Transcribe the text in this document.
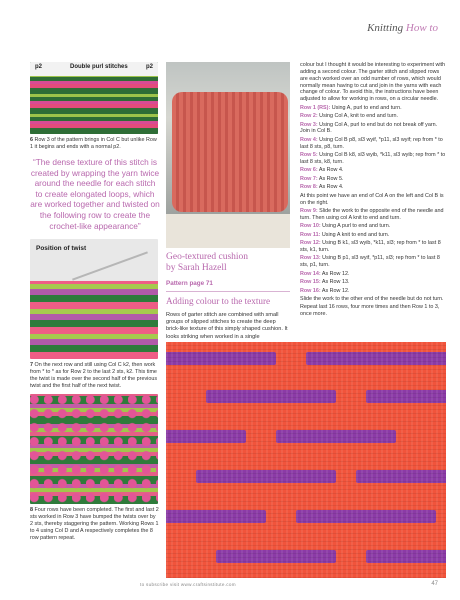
Knitting How to
p2	Double purl stitches	p2
6 Row 3 of the pattern brings in Col C but unlike Row 1 it begins and ends with a normal p2.
“The dense texture of this stitch is created by wrapping the yarn twice around the needle for each stitch to create elongated loops, which are worked together and twisted on the following row to create the crochet-like appearance”
Position of twist
7 On the next row and still using Col C k2, then work from * to * as for Row 2 to the last 2 sts, k2. This time the twist is made over the second half of the previous twist and the first half of the next twist.
8 Four rows have been completed. The first and last 2 sts worked in Row 3 have bumped the twists over by 2 sts, thereby staggering the pattern. Working Rows 1 to 4 using Col D and A respectively completes the 8 row pattern repeat.
Geo-textured cushion
by Sarah Hazell
Pattern page 71
Adding colour to the texture
Rows of garter stitch are combined with small groups of slipped stitches to create the deep brick-like texture of this simply shaped cushion. It looks striking when worked in a single

colour but I thought it would be interesting to experiment with adding a second colour. The garter stitch and slipped rows are each worked over an odd number of rows, which would normally mean having to cut and join in the yarns with each change of colour. To avoid this, the instructions have been adjusted to allow for working in rows, on a circular needle.

Row 1 (RS): Using A, purl to end and turn.

Row 2: Using Col A, knit to end and turn.

Row 3: Using Col A, purl to end but do not break off yarn. Join in Col B.

Row 4: Using Col B p8, sl3 wyif, *p11, sl3 wyif; rep from * to last 8 sts, p8, turn.

Row 5: Using Col B k8, sl3 wyib, *k11, sl3 wyib; rep from * to last 8 sts, k8, turn.

Row 6: As Row 4.

Row 7: As Row 5.

Row 8: As Row 4.

At this point we have an end of Col A on the left and Col B is on the right.

Row 9: Slide the work to the opposite end of the needle and turn. Then using col A knit to end and turn.

Row 10: Using A purl to end and turn.

Row 11: Using A knit to end and turn.

Row 12: Using B k1, sl3 wyib, *k11, sl3; rep from * to last 8 sts, k1, turn.

Row 13: Using B p1, sl3 wyif, *p11, sl3; rep from * to last 8 sts, p1, turn.

Row 14: As Row 12.

Row 15: As Row 13.

Row 16: As Row 12.

Slide the work to the other end of the needle but do not turn.

Repeat last 16 rows, four more times and then Row 1 to 3, once more.

to subscribe visit www.craftsinstitute.com	47
